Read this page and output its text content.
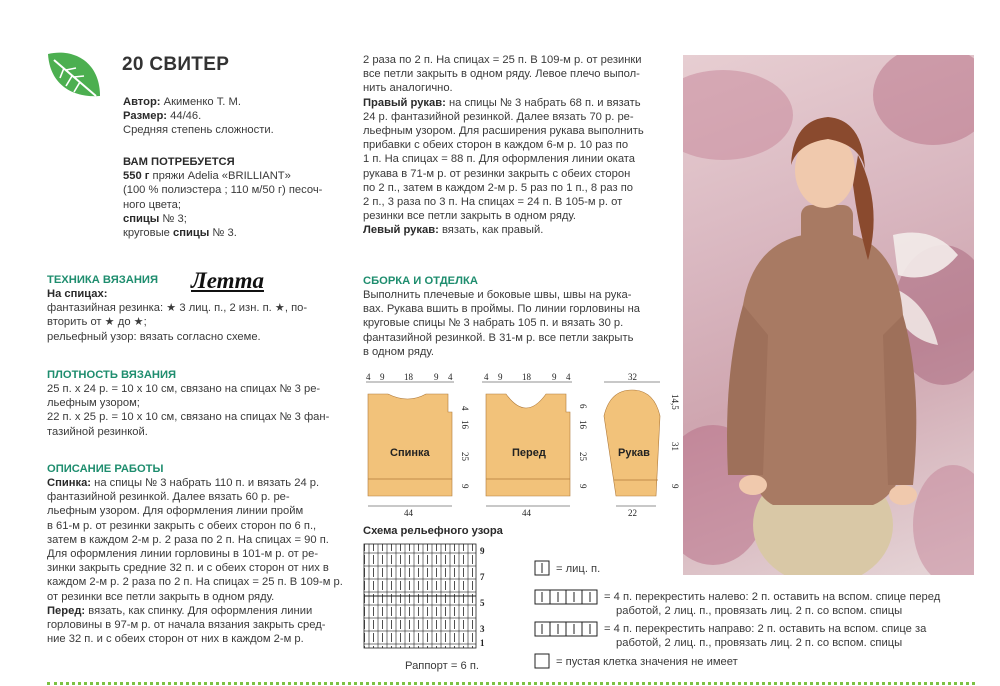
20 СВИТЕР

Автор: Акименко Т. М.

Размер: 44/46.

Средняя степень сложности.

ВАМ ПОТРЕБУЕТСЯ

550 г пряжи Adelia «BRILLIANT»

(100 % полиэстера ; 110 м/50 г) песоч-

ного цвета;

спицы № 3;

круговые спицы № 3.

Летта

ТЕХНИКА ВЯЗАНИЯ

На спицах:

фантазийная резинка: ★ 3 лиц. п., 2 изн. п. ★, по-

вторить от ★ до ★;

рельефный узор: вязать согласно схеме.

ПЛОТНОСТЬ ВЯЗАНИЯ

25 п. х 24 р. = 10 х 10 см, связано на спицах № 3 ре-

льефным узором;

22 п. х 25 р. = 10 х 10 см, связано на спицах № 3 фан-

тазийной резинкой.

ОПИСАНИЕ РАБОТЫ

Спинка: на спицы № 3 набрать 110 п. и вязать 24 р.

фантазийной резинкой. Далее вязать 60 р. ре-

льефным узором. Для оформления линии пройм

в 61-м р. от резинки закрыть с обеих сторон по 6 п.,

затем в каждом 2-м р. 2 раза по 2 п. На спицах = 90 п.

Для оформления линии горловины в 101-м р. от ре-

зинки закрыть средние 32 п. и с обеих сторон от них в

каждом 2-м р. 2 раза по 2 п. На спицах = 25 п. В 109-м р.

от резинки все петли закрыть в одном ряду.

Перед: вязать, как спинку. Для оформления линии

горловины в 97-м р. от начала вязания закрыть сред-

ние 32 п. и с обеих сторон от них в каждом 2-м р.

2 раза по 2 п. На спицах = 25 п. В 109-м р. от резинки

все петли закрыть в одном ряду. Левое плечо выпол-

нить аналогично.

Правый рукав: на спицы № 3 набрать 68 п. и вязать

24 р. фантазийной резинкой. Далее вязать 70 р. ре-

льефным узором. Для расширения рукава выполнить

прибавки с обеих сторон в каждом 6-м р. 10 раз по

1 п. На спицах = 88 п. Для оформления линии оката

рукава в 71-м р. от резинки закрыть с обеих сторон

по 2 п., затем в каждом 2-м р. 5 раз по 1 п., 8 раз по

2 п., 3 раза по 3 п. На спицах = 24 п. В 105-м р. от

резинки все петли закрыть в одном ряду.

Левый рукав: вязать, как правый.

СБОРКА И ОТДЕЛКА

Выполнить плечевые и боковые швы, швы на рука-

вах. Рукава вшить в проймы. По линии горловины на

круговые спицы № 3 набрать 105 п. и вязать 30 р.

фантазийной резинкой. В 31-м р. все петли закрыть

в одном ряду.

4 9 18 9 4
Спинка
4
16
25
9
44
4 9 18 9 4
Перед
6
16
25
9
44
32
Рукав
14,5
31
9
22
Схема рельефного узора
9
7
5
3
1
Раппорт = 6 п.
= лиц. п.

= 4 п. перекрестить налево: 2 п. оставить на вспом. спице перед

работой, 2 лиц. п., провязать лиц. 2 п. со вспом. спицы

= 4 п. перекрестить направо: 2 п. оставить на вспом. спице за

работой, 2 лиц. п., провязать лиц. 2 п. со вспом. спицы

= пустая клетка значения не имеет
